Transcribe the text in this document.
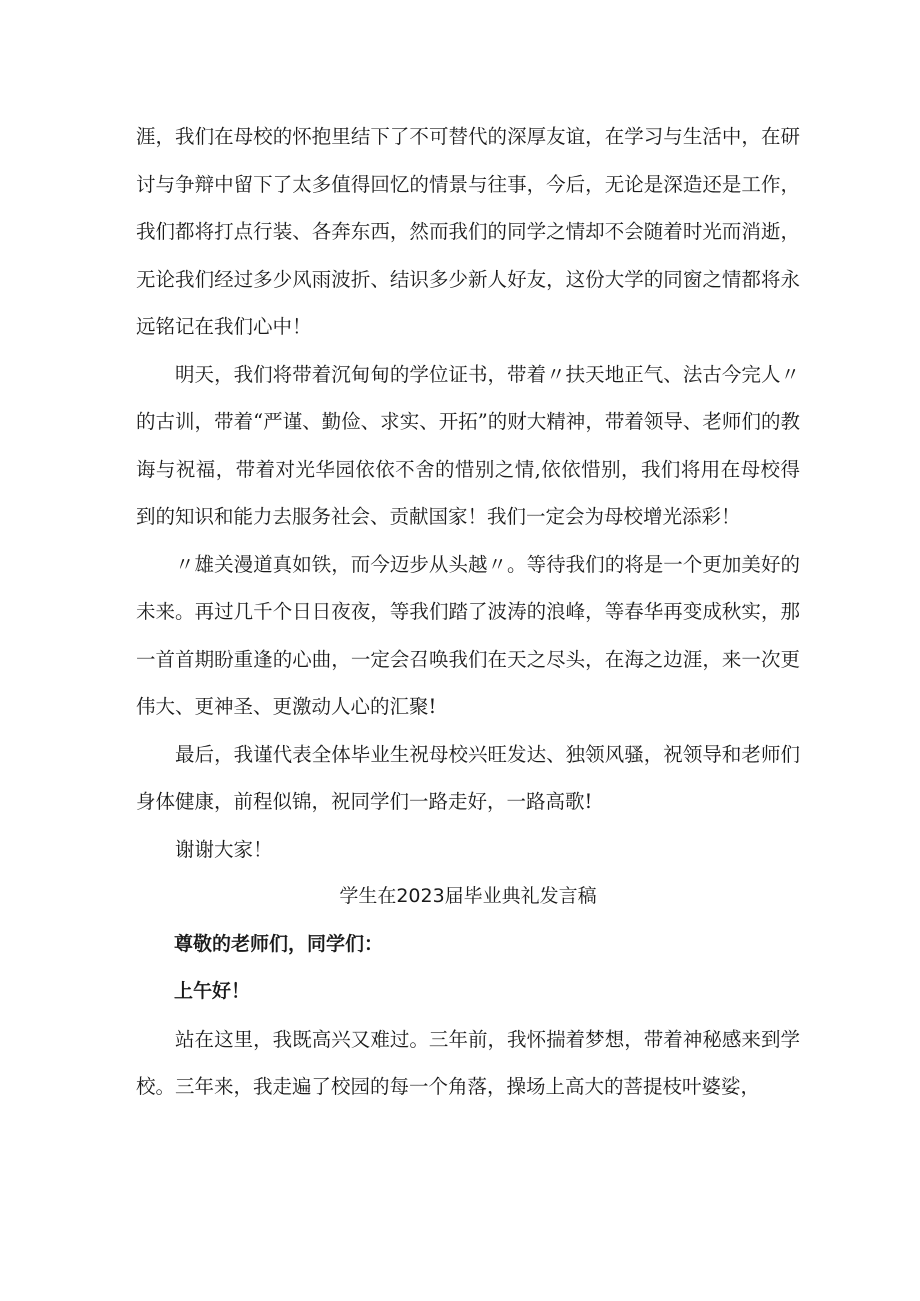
涯，我们在母校的怀抱里结下了不可替代的深厚友谊，在学习与生活中，在研讨与争辩中留下了太多值得回忆的情景与往事，今后，无论是深造还是工作，我们都将打点行装、各奔东西，然而我们的同学之情却不会随着时光而消逝，无论我们经过多少风雨波折、结识多少新人好友，这份大学的同窗之情都将永远铭记在我们心中！

明天，我们将带着沉甸甸的学位证书，带着〃扶天地正气、法古今完人〃的古训，带着“严谨、勤俭、求实、开拓”的财大精神，带着领导、老师们的教诲与祝福，带着对光华园依依不舍的惜别之情,依依惜别，我们将用在母校得到的知识和能力去服务社会、贡献国家！我们一定会为母校增光添彩！

〃雄关漫道真如铁，而今迈步从头越〃。等待我们的将是一个更加美好的未来。再过几千个日日夜夜，等我们踏了波涛的浪峰，等春华再变成秋实，那一首首期盼重逢的心曲，一定会召唤我们在天之尽头，在海之边涯，来一次更伟大、更神圣、更激动人心的汇聚!

最后，我谨代表全体毕业生祝母校兴旺发达、独领风骚，祝领导和老师们身体健康，前程似锦，祝同学们一路走好，一路高歌!

谢谢大家！

学生在2023届毕业典礼发言稿

尊敬的老师们，同学们：

上午好！

站在这里，我既高兴又难过。三年前，我怀揣着梦想，带着神秘感来到学校。三年来，我走遍了校园的每一个角落，操场上高大的菩提枝叶婆娑，
